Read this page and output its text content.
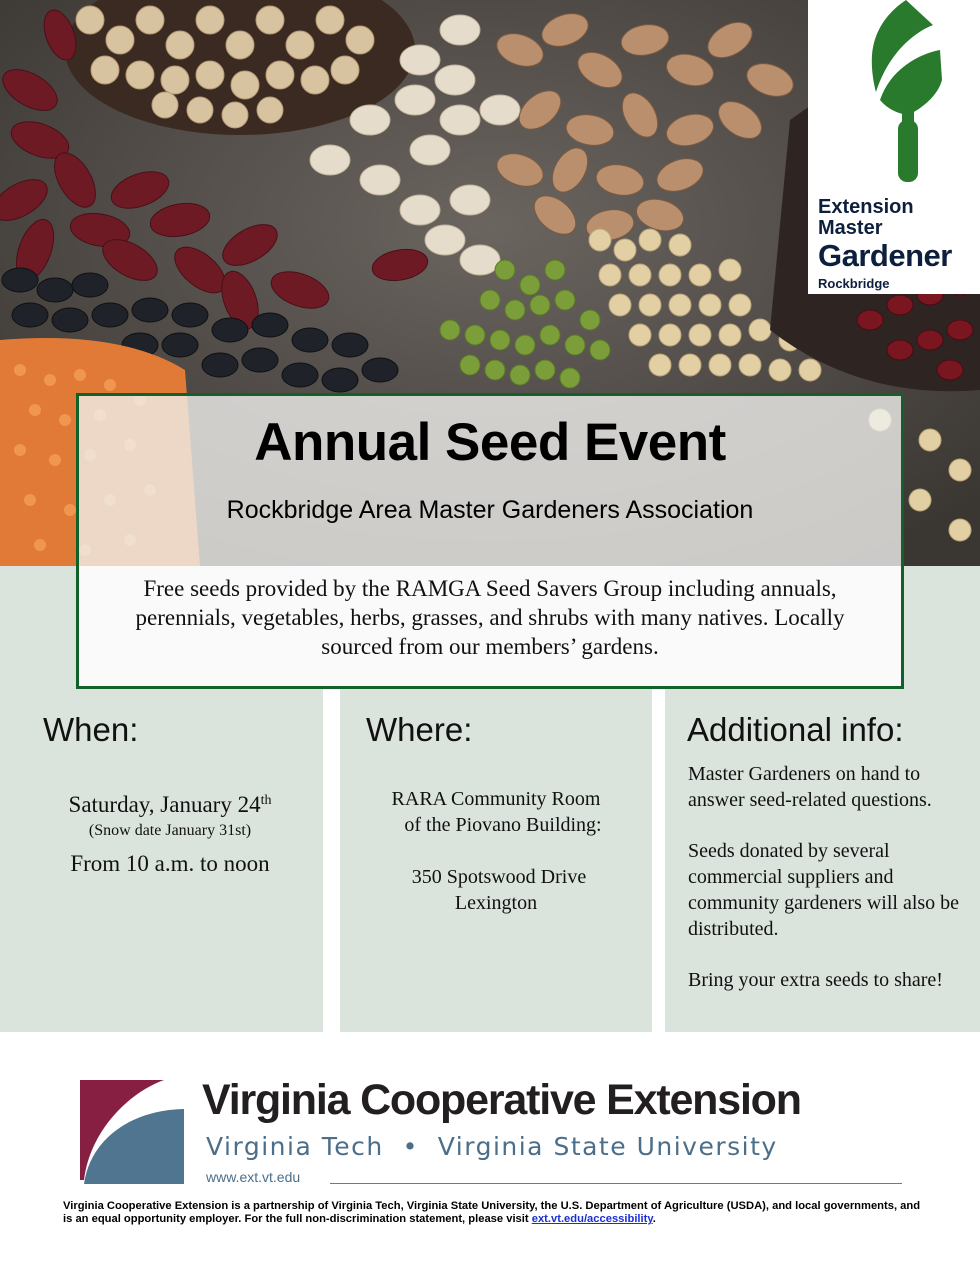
Extension
Master
Gardener
Rockbridge
When:
Saturday, January 24th
(Snow date January 31st)
From 10 a.m. to noon
Where:
RARA Community Room
of the Piovano Building:
350 Spotswood Drive
Lexington
Additional info:

Master Gardeners on hand to answer seed-related questions.

Seeds donated by several commercial suppliers and community gardeners will also be distributed.

Bring your extra seeds to share!

Annual Seed Event
Rockbridge Area Master Gardeners Association
Free seeds provided by the RAMGA Seed Savers Group including annuals, perennials, vegetables, herbs, grasses, and shrubs with many natives. Locally sourced from our members’ gardens.
Virginia Cooperative Extension
Virginia Tech  •  Virginia State University
www.ext.vt.edu
Virginia Cooperative Extension is a partnership of Virginia Tech, Virginia State University, the U.S. Department of Agriculture (USDA), and local governments, and is an equal opportunity employer. For the full non-discrimination statement, please visit ext.vt.edu/accessibility.
